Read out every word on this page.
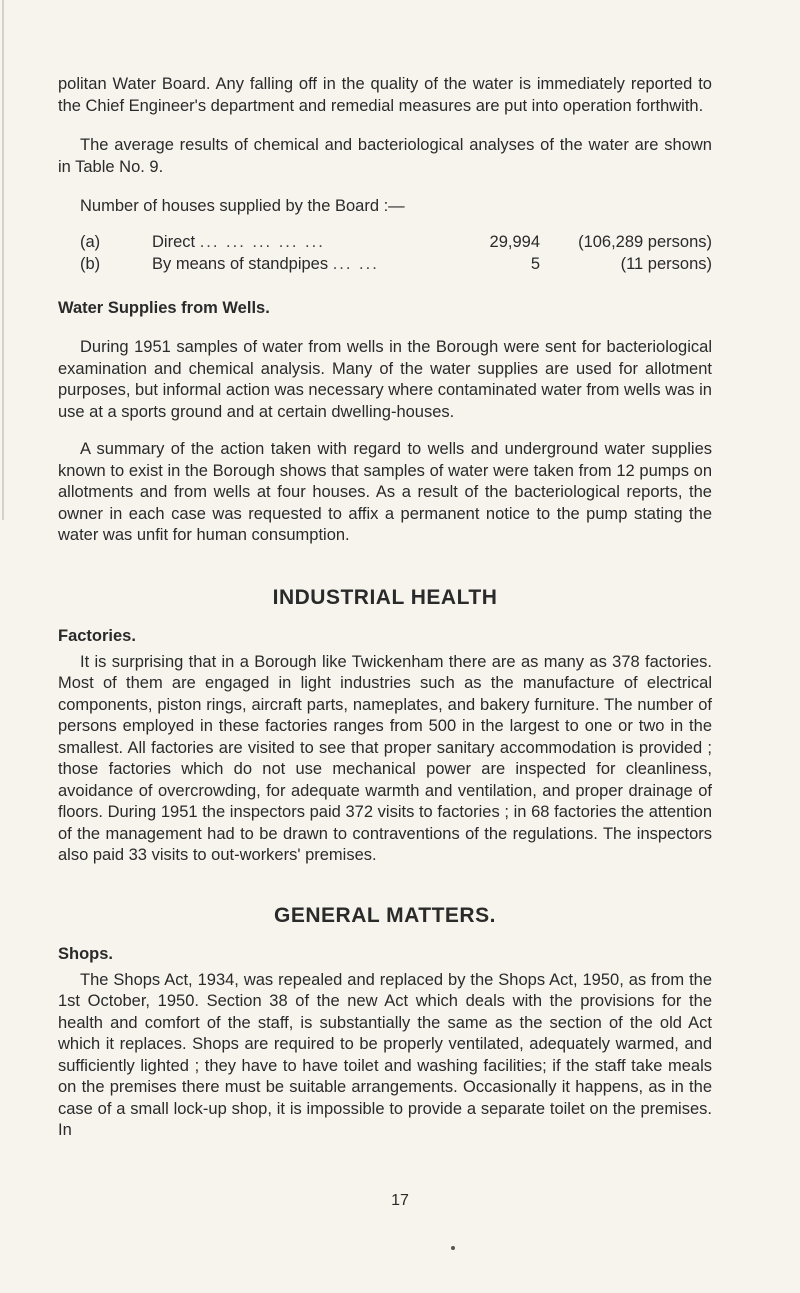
politan Water Board. Any falling off in the quality of the water is immediately reported to the Chief Engineer's department and remedial measures are put into operation forthwith.

The average results of chemical and bacteriological analyses of the water are shown in Table No. 9.

Number of houses supplied by the Board :—

(a)	Direct ... ... ... ... ...	29,994	(106,289 persons)
(b)	By means of standpipes ... ...	5	(11 persons)

Water Supplies from Wells.

During 1951 samples of water from wells in the Borough were sent for bacteriological examination and chemical analysis. Many of the water supplies are used for allotment purposes, but informal action was necessary where contaminated water from wells was in use at a sports ground and at certain dwelling-houses.

A summary of the action taken with regard to wells and underground water supplies known to exist in the Borough shows that samples of water were taken from 12 pumps on allotments and from wells at four houses. As a result of the bacteriological reports, the owner in each case was requested to affix a permanent notice to the pump stating the water was unfit for human consumption.

INDUSTRIAL HEALTH

Factories.

It is surprising that in a Borough like Twickenham there are as many as 378 factories. Most of them are engaged in light industries such as the manufacture of electrical components, piston rings, aircraft parts, nameplates, and bakery furniture. The number of persons employed in these factories ranges from 500 in the largest to one or two in the smallest. All factories are visited to see that proper sanitary accommodation is provided ; those factories which do not use mechanical power are inspected for cleanliness, avoidance of overcrowding, for adequate warmth and ventilation, and proper drainage of floors. During 1951 the inspectors paid 372 visits to factories ; in 68 factories the attention of the management had to be drawn to contraventions of the regulations. The inspectors also paid 33 visits to out-workers' premises.

GENERAL MATTERS.

Shops.

The Shops Act, 1934, was repealed and replaced by the Shops Act, 1950, as from the 1st October, 1950. Section 38 of the new Act which deals with the provisions for the health and comfort of the staff, is substantially the same as the section of the old Act which it replaces. Shops are required to be properly ventilated, adequately warmed, and sufficiently lighted ; they have to have toilet and washing facilities; if the staff take meals on the premises there must be suitable arrangements. Occasionally it happens, as in the case of a small lock-up shop, it is impossible to provide a separate toilet on the premises. In

17
